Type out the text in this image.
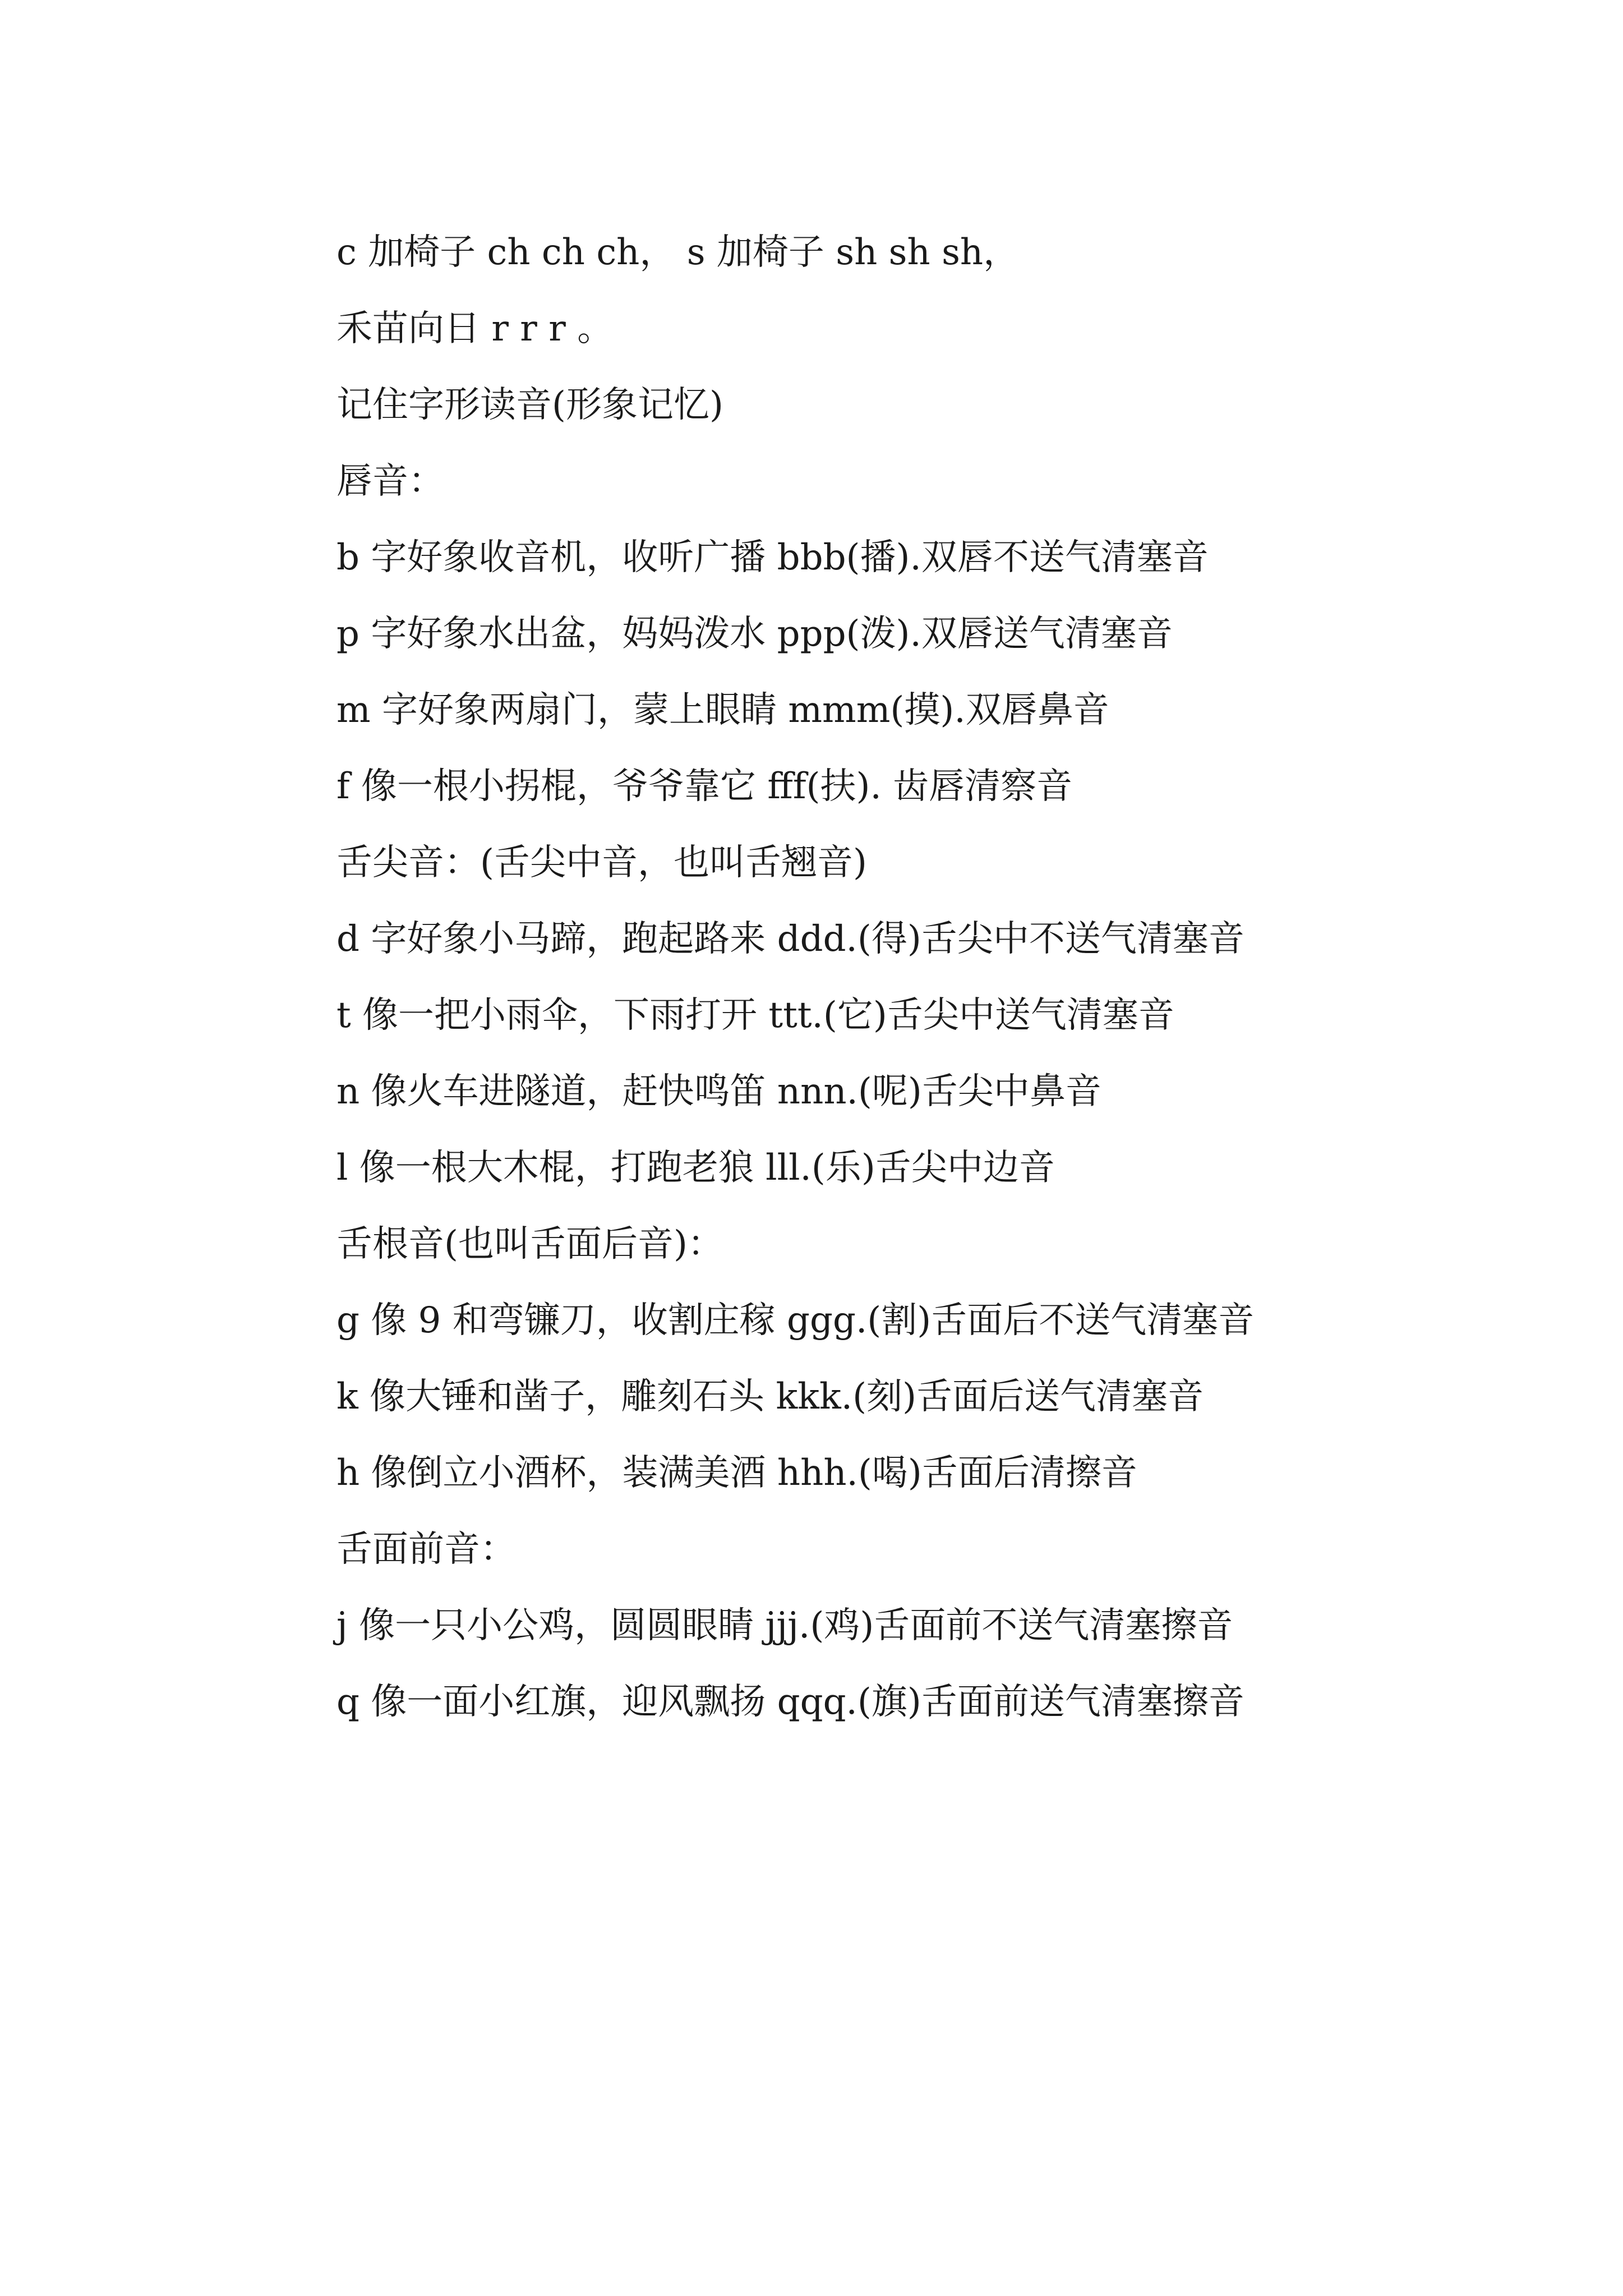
c 加椅子 ch ch ch， s 加椅子 sh sh sh，

禾苗向日 r r r 。

记住字形读音(形象记忆)

唇音：

b 字好象收音机，收听广播 bbb(播).双唇不送气清塞音

p 字好象水出盆，妈妈泼水 ppp(泼).双唇送气清塞音

m 字好象两扇门，蒙上眼睛 mmm(摸).双唇鼻音

f 像一根小拐棍，爷爷靠它 fff(扶). 齿唇清察音

舌尖音：(舌尖中音，也叫舌翘音)

d 字好象小马蹄，跑起路来 ddd.(得)舌尖中不送气清塞音

t 像一把小雨伞，下雨打开 ttt.(它)舌尖中送气清塞音

n 像火车进隧道，赶快鸣笛 nnn.(呢)舌尖中鼻音

l 像一根大木棍，打跑老狼 lll.(乐)舌尖中边音

舌根音(也叫舌面后音)：

g 像 9 和弯镰刀，收割庄稼 ggg.(割)舌面后不送气清塞音

k 像大锤和凿子，雕刻石头 kkk.(刻)舌面后送气清塞音

h 像倒立小酒杯，装满美酒 hhh.(喝)舌面后清擦音

舌面前音：

j 像一只小公鸡，圆圆眼睛 jjj.(鸡)舌面前不送气清塞擦音

q 像一面小红旗，迎风飘扬 qqq.(旗)舌面前送气清塞擦音
